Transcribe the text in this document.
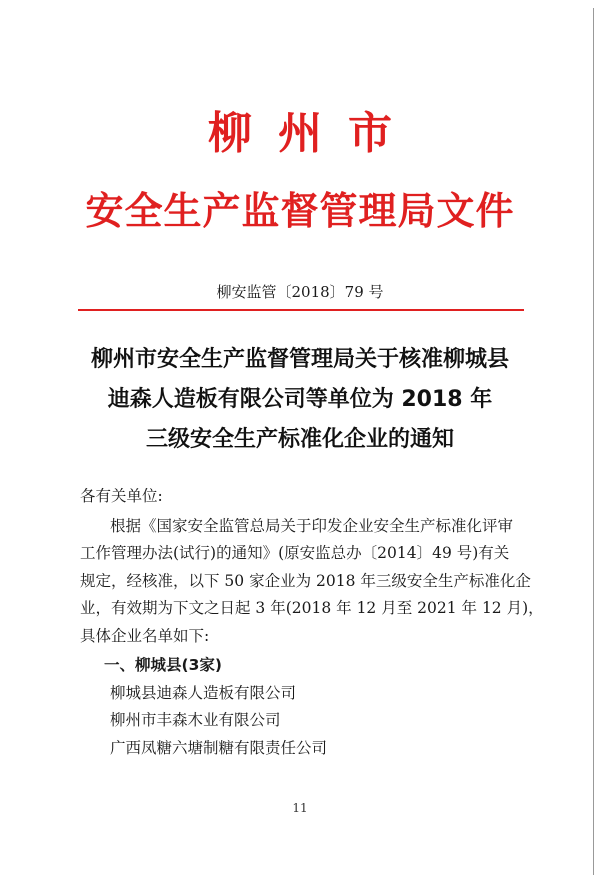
柳州市
安全生产监督管理局文件
柳安监管〔2018〕79 号
柳州市安全生产监督管理局关于核准柳城县
迪森人造板有限公司等单位为 2018 年
三级安全生产标准化企业的通知
各有关单位:
根据《国家安全监管总局关于印发企业安全生产标准化评审
工作管理办法(试行)的通知》(原安监总办〔2014〕49 号)有关
规定，经核准，以下 50 家企业为 2018 年三级安全生产标准化企
业，有效期为下文之日起 3 年(2018 年 12 月至 2021 年 12 月)，
具体企业名单如下:
一、柳城县(3家)
柳城县迪森人造板有限公司
柳州市丰森木业有限公司
广西凤糖六塘制糖有限责任公司
11
